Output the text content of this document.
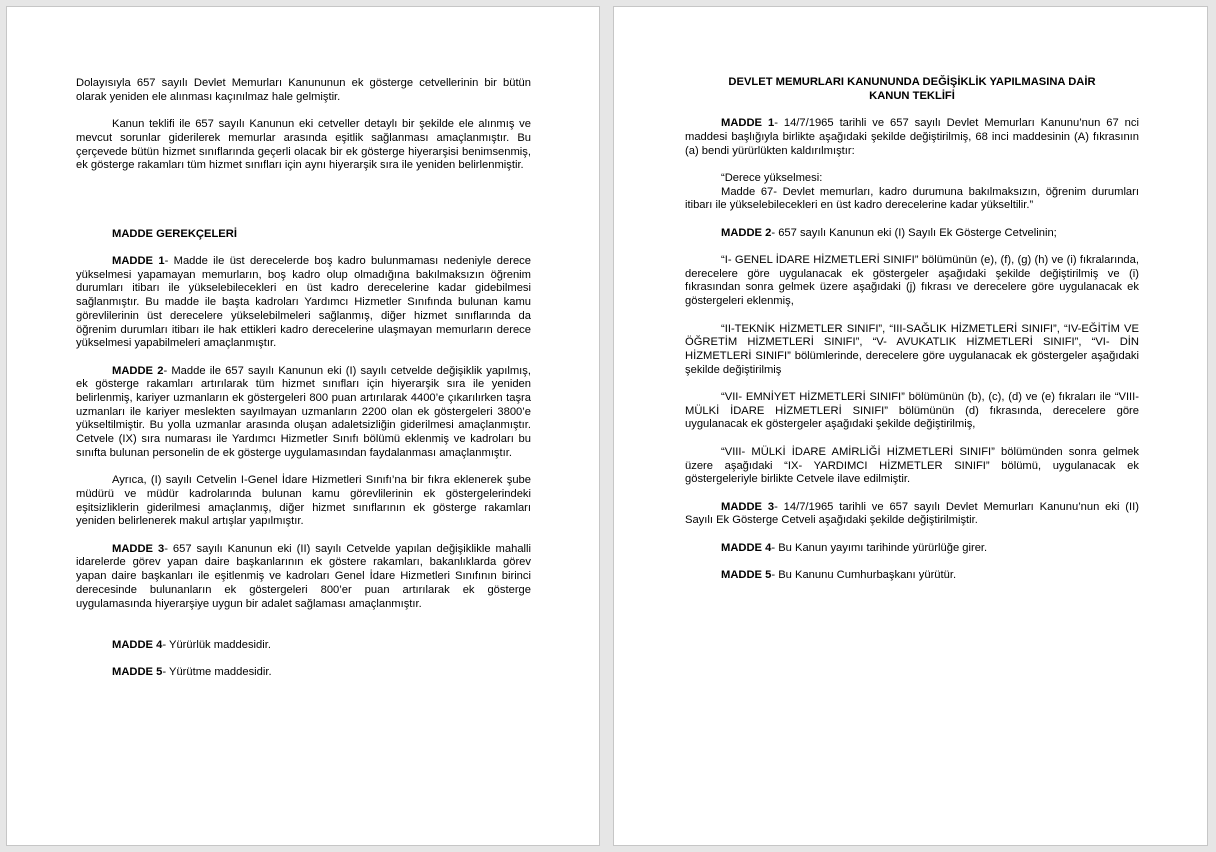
Dolayısıyla 657 sayılı Devlet Memurları Kanununun ek gösterge cetvellerinin bir bütün olarak yeniden ele alınması kaçınılmaz hale gelmiştir.

Kanun teklifi ile 657 sayılı Kanunun eki cetveller detaylı bir şekilde ele alınmış ve mevcut sorunlar giderilerek memurlar arasında eşitlik sağlanması amaçlanmıştır. Bu çerçevede bütün hizmet sınıflarında geçerli olacak bir ek gösterge hiyerarşisi benimsenmiş, ek gösterge rakamları tüm hizmet sınıfları için aynı hiyerarşik sıra ile yeniden belirlenmiştir.

MADDE GEREKÇELERİ

MADDE 1- Madde ile üst derecelerde boş kadro bulunmaması nedeniyle derece yükselmesi yapamayan memurların, boş kadro olup olmadığına bakılmaksızın öğrenim durumları itibarı ile yükselebilecekleri en üst kadro derecelerine kadar gidebilmesi sağlanmıştır. Bu madde ile başta kadroları Yardımcı Hizmetler Sınıfında bulunan kamu görevlilerinin üst derecelere yükselebilmeleri sağlanmış, diğer hizmet sınıflarında da öğrenim durumları itibarı ile hak ettikleri kadro derecelerine ulaşmayan memurların derece yükselmesi yapabilmeleri amaçlanmıştır.

MADDE 2- Madde ile 657 sayılı Kanunun eki (I) sayılı cetvelde değişiklik yapılmış, ek gösterge rakamları artırılarak tüm hizmet sınıfları için hiyerarşik sıra ile yeniden belirlenmiş, kariyer uzmanların ek göstergeleri 800 puan artırılarak 4400’e çıkarılırken taşra uzmanları ile kariyer meslekten sayılmayan uzmanların 2200 olan ek göstergeleri 3800’e yükseltilmiştir. Bu yolla uzmanlar arasında oluşan adaletsizliğin giderilmesi amaçlanmıştır. Cetvele (IX) sıra numarası ile Yardımcı Hizmetler Sınıfı bölümü eklenmiş ve kadroları bu sınıfta bulunan personelin de ek gösterge uygulamasından faydalanması amaçlanmıştır.

Ayrıca, (I) sayılı Cetvelin I-Genel İdare Hizmetleri Sınıfı’na bir fıkra eklenerek şube müdürü ve müdür kadrolarında bulunan kamu görevlilerinin ek göstergelerindeki eşitsizliklerin giderilmesi amaçlanmış, diğer hizmet sınıflarının ek gösterge rakamları yeniden belirlenerek makul artışlar yapılmıştır.

MADDE 3- 657 sayılı Kanunun eki (II) sayılı Cetvelde yapılan değişiklikle mahalli idarelerde görev yapan daire başkanlarının ek göstere rakamları, bakanlıklarda görev yapan daire başkanları ile eşitlenmiş ve kadroları Genel İdare Hizmetleri Sınıfının birinci derecesinde bulunanların ek göstergeleri 800’er puan artırılarak ek gösterge uygulamasında hiyerarşiye uygun bir adalet sağlaması amaçlanmıştır.

MADDE 4- Yürürlük maddesidir.

MADDE 5- Yürütme maddesidir.

DEVLET MEMURLARI KANUNUNDA DEĞİŞİKLİK YAPILMASINA DAİR
KANUN TEKLİFİ

MADDE 1- 14/7/1965 tarihli ve 657 sayılı Devlet Memurları Kanunu’nun 67 nci maddesi başlığıyla birlikte aşağıdaki şekilde değiştirilmiş, 68 inci maddesinin (A) fıkrasının (a) bendi yürürlükten kaldırılmıştır:

“Derece yükselmesi:
Madde 67- Devlet memurları, kadro durumuna bakılmaksızın, öğrenim durumları itibarı ile yükselebilecekleri en üst kadro derecelerine kadar yükseltilir.”

MADDE 2- 657 sayılı Kanunun eki (I) Sayılı Ek Gösterge Cetvelinin;

“I- GENEL İDARE HİZMETLERİ SINIFI” bölümünün (e), (f), (g) (h) ve (i) fıkralarında, derecelere göre uygulanacak ek göstergeler aşağıdaki şekilde değiştirilmiş ve (i) fıkrasından sonra gelmek üzere aşağıdaki (j) fıkrası ve derecelere göre uygulanacak ek göstergeleri eklenmiş,

“II-TEKNİK HİZMETLER SINIFI”, “III-SAĞLIK HİZMETLERİ SINIFI”, “IV-EĞİTİM VE ÖĞRETİM HİZMETLERİ SINIFI”, “V- AVUKATLIK HİZMETLERİ SINIFI”, “VI- DİN HİZMETLERİ SINIFI” bölümlerinde, derecelere göre uygulanacak ek göstergeler aşağıdaki şekilde değiştirilmiş

“VII- EMNİYET HİZMETLERİ SINIFI” bölümünün (b), (c), (d) ve (e) fıkraları ile “VIII- MÜLKİ İDARE HİZMETLERİ SINIFI” bölümünün (d) fıkrasında, derecelere göre uygulanacak ek göstergeler aşağıdaki şekilde değiştirilmiş,

“VIII- MÜLKİ İDARE AMİRLİĞİ HİZMETLERİ SINIFI” bölümünden sonra gelmek üzere aşağıdaki “IX- YARDIMCI HİZMETLER SINIFI” bölümü, uygulanacak ek göstergeleriyle birlikte Cetvele ilave edilmiştir.

MADDE 3- 14/7/1965 tarihli ve 657 sayılı Devlet Memurları Kanunu’nun eki (II) Sayılı Ek Gösterge Cetveli aşağıdaki şekilde değiştirilmiştir.

MADDE 4- Bu Kanun yayımı tarihinde yürürlüğe girer.

MADDE 5- Bu Kanunu Cumhurbaşkanı yürütür.
